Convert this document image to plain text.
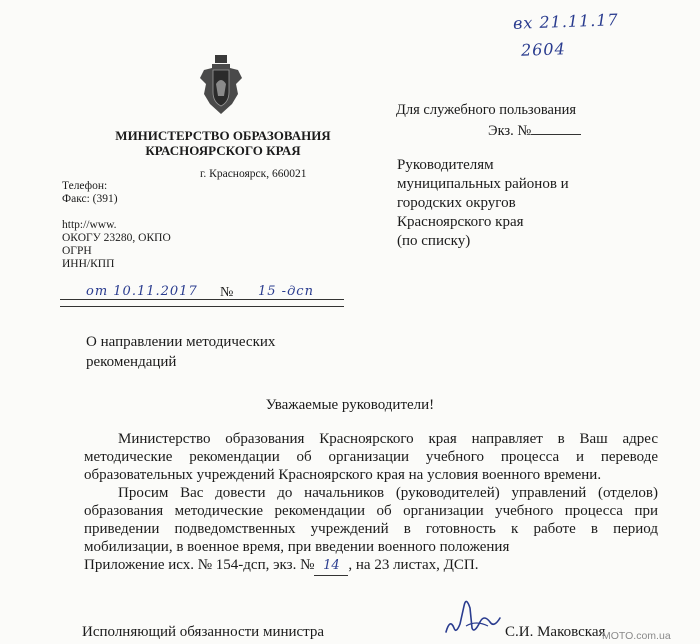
вх 21.11.17
2604
МИНИСТЕРСТВО ОБРАЗОВАНИЯ
КРАСНОЯРСКОГО КРАЯ
г. Красноярск, 660021
Телефон:
Факс: (391)
http://www.
ОКОГУ 23280, ОКПО
ОГРН
ИНН/КПП
от 10.11.2017 № 15 -дсп
О направлении методических
рекомендаций
Для служебного пользования
Экз. №
Руководителям
муниципальных районов и
городских округов
Красноярского края
(по списку)
Уважаемые руководители!

Министерство образования Красноярского края направляет в Ваш адрес методические рекомендации об организации учебного процесса и переводе образовательных учреждений Красноярского края на условия военного времени.

Просим Вас довести до начальников (руководителей) управлений (отделов) образования методические рекомендации об организации учебного процесса при приведении подведомственных учреждений в готовность к работе в период мобилизации, в военное время, при введении военного положения

Приложение исх. № 154-дсп, экз. № 14 , на 23 листах, ДСП.

Исполняющий обязанности министра	С.И. Маковская
MOTO.com.ua
